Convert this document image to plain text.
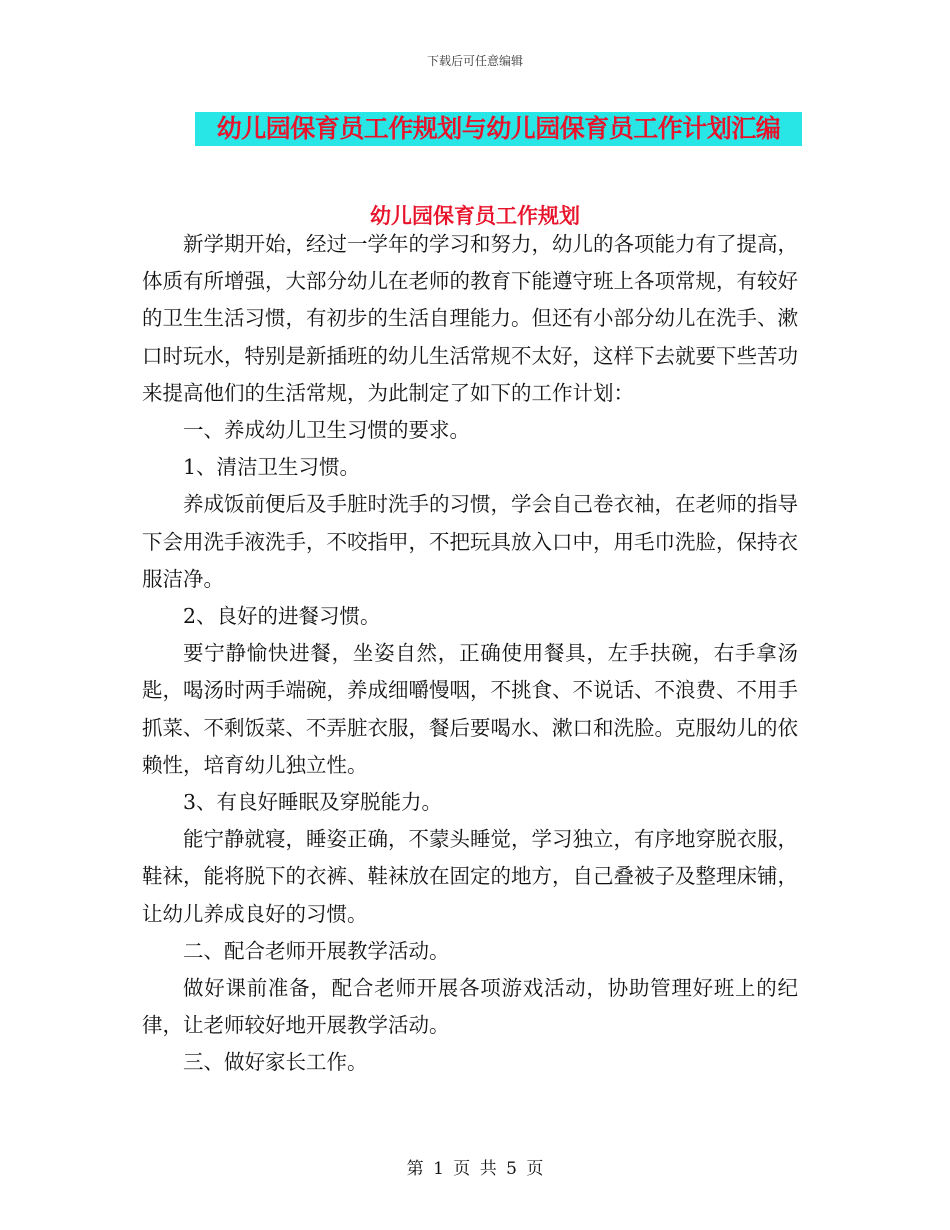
下载后可任意编辑
幼儿园保育员工作规划与幼儿园保育员工作计划汇编
幼儿园保育员工作规划

新学期开始，经过一学年的学习和努力，幼儿的各项能力有了提高，体质有所增强，大部分幼儿在老师的教育下能遵守班上各项常规，有较好的卫生生活习惯，有初步的生活自理能力。但还有小部分幼儿在洗手、漱口时玩水，特别是新插班的幼儿生活常规不太好，这样下去就要下些苦功来提高他们的生活常规，为此制定了如下的工作计划：

一、养成幼儿卫生习惯的要求。

1、清洁卫生习惯。

养成饭前便后及手脏时洗手的习惯，学会自己卷衣袖，在老师的指导下会用洗手液洗手，不咬指甲，不把玩具放入口中，用毛巾洗脸，保持衣服洁净。

2、良好的进餐习惯。

要宁静愉快进餐，坐姿自然，正确使用餐具，左手扶碗，右手拿汤匙，喝汤时两手端碗，养成细嚼慢咽，不挑食、不说话、不浪费、不用手抓菜、不剩饭菜、不弄脏衣服，餐后要喝水、漱口和洗脸。克服幼儿的依赖性，培育幼儿独立性。

3、有良好睡眠及穿脱能力。

能宁静就寝，睡姿正确，不蒙头睡觉，学习独立，有序地穿脱衣服，鞋袜，能将脱下的衣裤、鞋袜放在固定的地方，自己叠被子及整理床铺，让幼儿养成良好的习惯。

二、配合老师开展教学活动。

做好课前准备，配合老师开展各项游戏活动，协助管理好班上的纪律，让老师较好地开展教学活动。

三、做好家长工作。

第 1 页 共 5 页
